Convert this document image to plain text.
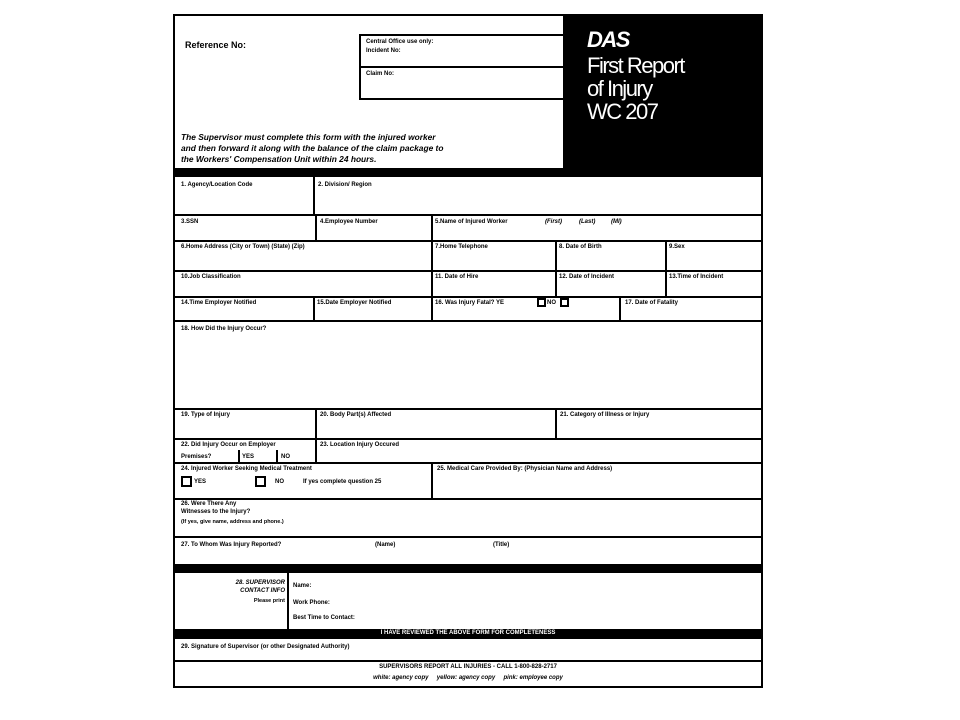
Reference No:
The Supervisor must complete this form with the injured worker
and then forward it along with the balance of the claim package to
the Workers' Compensation Unit within 24 hours.
Central Office use only:
Incident No:
Claim No:
DAS
First Report
of Injury
WC 207
1. Agency/Location Code	2. Division/ Region
3.SSN	4.Employee Number	5.Name of Injured Worker	(First)	(Last)	(MI)
6.Home Address (City or Town) (State) (Zip)	7.Home Telephone	8. Date of Birth	9.Sex
10.Job Classification	11. Date of Hire	12. Date of Incident	13.Time of Incident
14.Time Employer Notified	15.Date Employer Notified	16. Was Injury Fatal? YE	NO	17. Date of Fatality
18. How Did the Injury Occur?
19. Type of Injury	20. Body Part(s) Affected	21. Category of Illness or Injury
22. Did Injury Occur on Employer
Premises?	YES	NO
23. Location Injury Occured
24. Injured Worker Seeking Medical Treatment
YES	NO	If yes complete question 25
25. Medical Care Provided By: (Physician Name and Address)
26. Were There Any
Witnesses to the Injury?
(If yes, give name, address and phone.)
27. To Whom Was Injury Reported?	(Name)	(Title)
28. SUPERVISOR
CONTACT INFO
Please print
Name:
Work Phone:
Best Time to Contact:
I HAVE REVIEWED THE ABOVE FORM FOR COMPLETENESS
29. Signature of Supervisor (or other Designated Authority)
SUPERVISORS REPORT ALL INJURIES - CALL 1-800-828-2717
white: agency copy     yellow: agency copy     pink: employee copy
